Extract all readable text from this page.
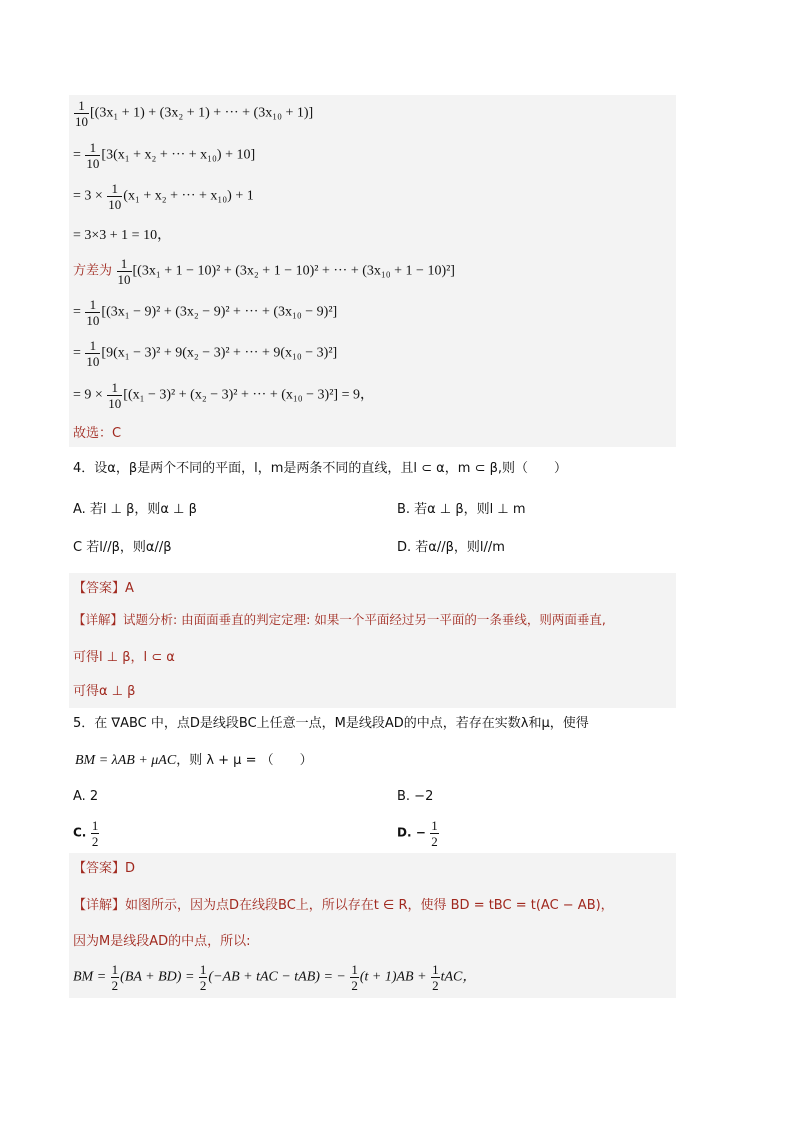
$\frac{1}{10} [(3x_1 + 1) + (3x_2 + 1)$ + ··· + (3x₁₀ + 1)]
= $\frac{1}{10} [3(x_1 + x_2$ + ··· + x₁₀) + 10]
= $3 \times \frac{1}{10} (x_1 + x_2$ + ··· + x₁₀) + 1
= 3×3 + 1 = 10，
方差为 $\frac{1}{10} [(3x_1 + 1 - 10)^2 + (3x_2 + 1 - 10)^2$ + ··· + (3x₁₀ + 1 − 10)²]
= $\frac{1}{10} [(3x_1 - 9)^2 + (3x_2 - 9)^2$ + ··· + (3x₁₀ − 9)²]
= $\frac{1}{10} [9(x_1 - 3)^2 + 9(x_2 - 3)^2$ + ··· + 9(x₁₀ − 3)²]
= $9 \times \frac{1}{10} [(x_1 - 3)^2 + (x_2 - 3)^2$ + ··· + (x₁₀ − 3)²] = 9，
故选：C
4．设α，β是两个不同的平面，l，m是两条不同的直线，且l ⊂ α，m ⊂ β,则（　　）
A. 若l ⊥ β，则α ⊥ β	B. 若α ⊥ β，则l ⊥ m
C 若l//β，则α//β	D. 若α//β，则l//m
【答案】A
【详解】试题分析: 由面面垂直的判定定理: 如果一个平面经过另一平面的一条垂线，则两面垂直,
可得l ⊥ β，l ⊂ α
可得α ⊥ β
5．在 ∇ABC 中，点D是线段BC上任意一点，M是线段AD的中点，若存在实数λ和μ，使得
BM = λAB + μAC，则 λ + μ = （　　）
A. 2	B. −2
C. $\frac{1}{2}$	D. − $\frac{1}{2}$
【答案】D
【详解】如图所示，因为点D在线段BC上，所以存在t ∈ R，使得 BD = tBC = t(AC − AB)，
因为M是线段AD的中点，所以:
BM = $\frac{1}{2} (BA + BD) = \frac{1}{2} (-AB$ + tAC − tAB) = − $\frac{1}{2} (t + 1)AB + \frac{1}{2}$ tAC，
